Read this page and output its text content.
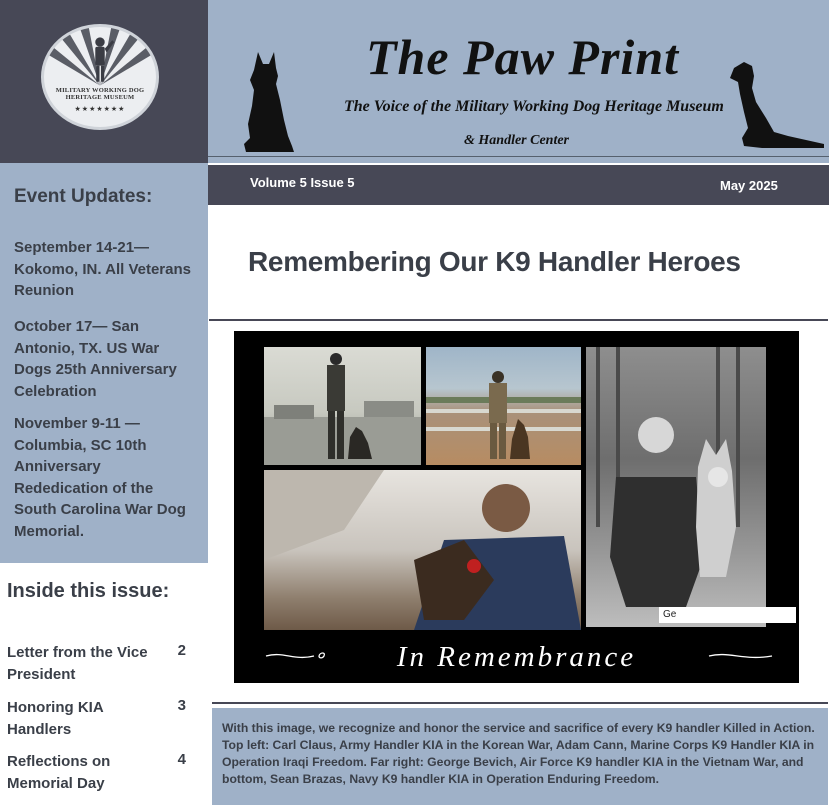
MILITARY WORKING DOG HERITAGE MUSEUM
★★★★★★★
The Paw Print
The Voice of the Military Working Dog Heritage Museum
& Handler Center
Volume 5 Issue 5	May 2025
Event Updates:
September 14-21— Kokomo, IN. All Veterans Reunion
October 17— San Antonio, TX. US War Dogs 25th Anniversary Celebration
November 9-11 — Columbia, SC 10th Anniversary Rededication of the South Carolina War Dog Memorial.
Inside this issue:
Letter from the Vice President
2
Honoring KIA Handlers
3
Reflections on Memorial Day
4
Remembering Our K9 Handler Heroes
Ge
In Remembrance
With this image, we recognize and honor the service and sacrifice of every K9 handler Killed in Action. Top left: Carl Claus, Army Handler KIA in the Korean War, Adam Cann, Marine Corps K9 Handler KIA in Operation Iraqi Freedom. Far right: George Bevich, Air Force K9 handler KIA in the Vietnam War, and bottom, Sean Brazas, Navy K9 handler KIA in Operation Enduring Freedom.
